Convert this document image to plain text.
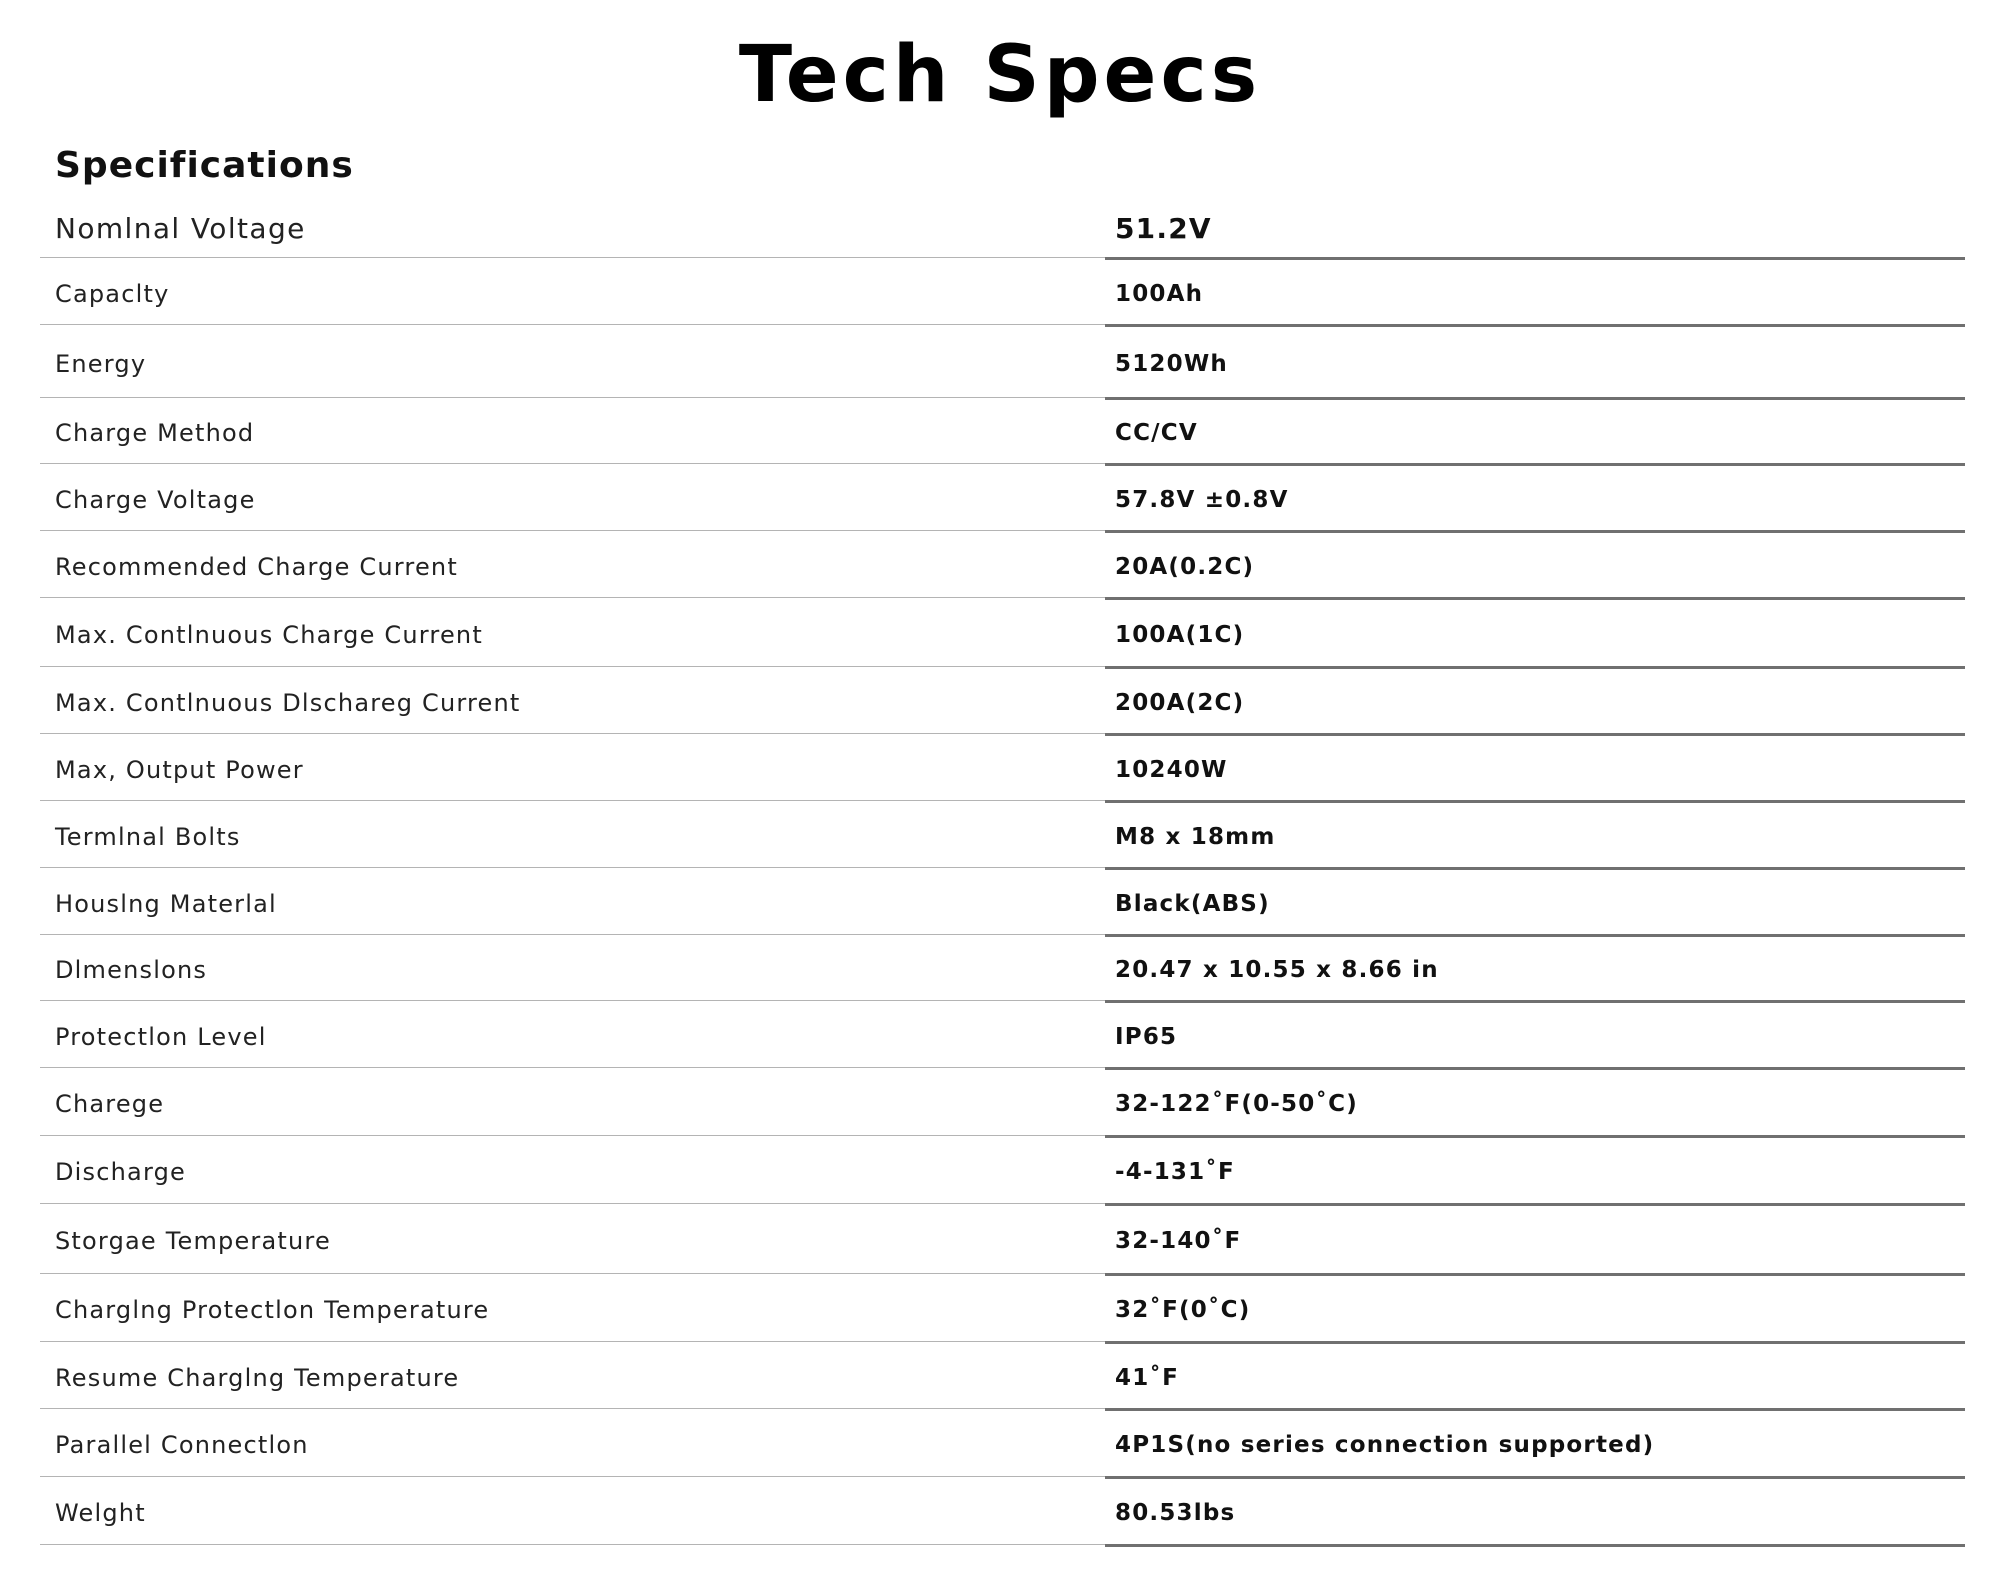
Tech Specs
Specifications
Nomlnal Voltage	51.2V
Capaclty	100Ah
Energy	5120Wh
Charge Method	CC/CV
Charge Voltage	57.8V ±0.8V
Recommended Charge Current	20A(0.2C)
Max. Contlnuous Charge Current	100A(1C)
Max. Contlnuous Dlschareg Current	200A(2C)
Max, Output Power	10240W
Termlnal Bolts	M8 x 18mm
Houslng Materlal	Black(ABS)
Dlmenslons	20.47 x 10.55 x 8.66 in
Protectlon Level	IP65
Charege	32-122˚F(0-50˚C)
Discharge	-4-131˚F
Storgae Temperature	32-140˚F
Charglng Protectlon Temperature	32˚F(0˚C)
Resume Charglng Temperature	41˚F
Parallel Connectlon	4P1S(no series connection supported)
Welght	80.53lbs
